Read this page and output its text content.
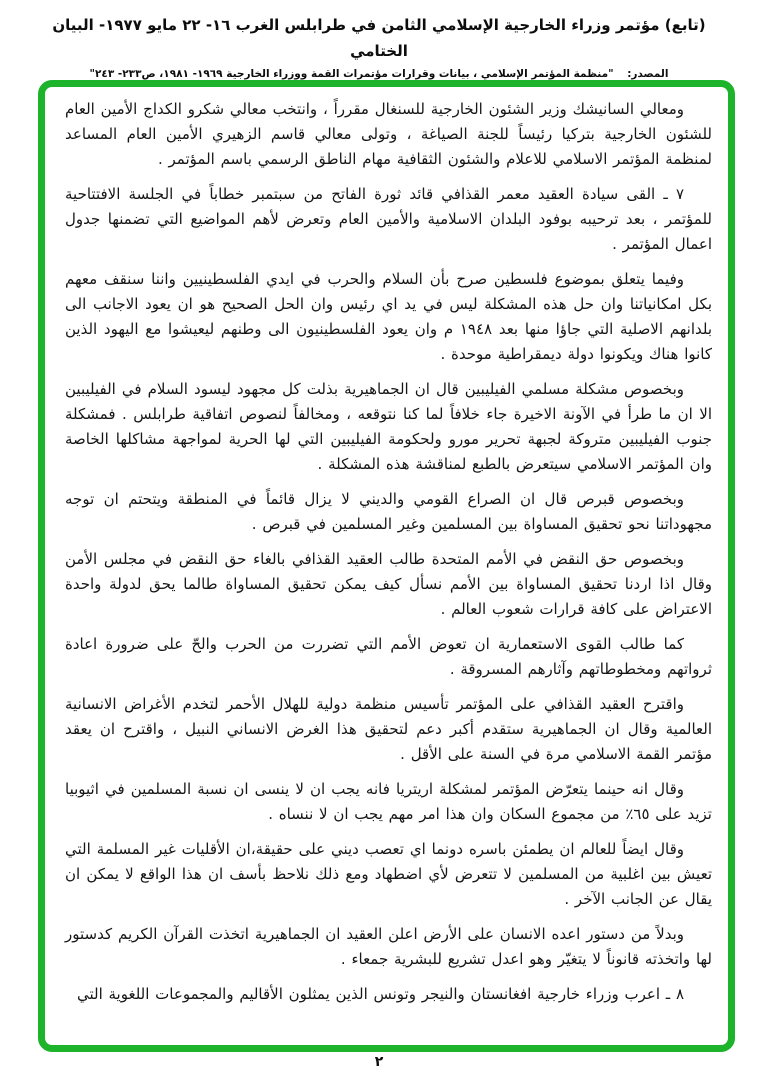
(تابع) مؤتمر وزراء الخارجية الإسلامي الثامن في طرابلس الغرب ١٦- ٢٢ مايو ١٩٧٧- البيان الختامي
المصدر: "منظمة المؤتمر الإسلامي ، بيانات وقرارات مؤتمرات القمة ووزراء الخارجية ١٩٦٩- ١٩٨١، ص٢٣٣- ٢٤٣"

ومعالي السانيشك وزير الشئون الخارجية للسنغال مقرراً ، وانتخب معالي شكرو الكداج الأمين العام للشئون الخارجية بتركيا رئيساً للجنة الصياغة ، وتولى معالي قاسم الزهيري الأمين العام المساعد لمنظمة المؤتمر الاسلامي للاعلام والشئون الثقافية مهام الناطق الرسمي باسم المؤتمر .

٧ ـ القى سيادة العقيد معمر القذافي قائد ثورة الفاتح من سبتمبر خطاباً في الجلسة الافتتاحية للمؤتمر ، بعد ترحيبه بوفود البلدان الاسلامية والأمين العام وتعرض لأهم المواضيع التي تضمنها جدول اعمال المؤتمر .

وفيما يتعلق بموضوع فلسطين صرح بأن السلام والحرب في ايدي الفلسطينيين واننا سنقف معهم بكل امكانياتنا وان حل هذه المشكلة ليس في يد اي رئيس وان الحل الصحيح هو ان يعود الاجانب الى بلدانهم الاصلية التي جاؤا منها بعد ١٩٤٨ م وان يعود الفلسطينيون الى وطنهم ليعيشوا مع اليهود الذين كانوا هناك ويكونوا دولة ديمقراطية موحدة .

وبخصوص مشكلة مسلمي الفيليبين قال ان الجماهيرية بذلت كل مجهود ليسود السلام في الفيليبين الا ان ما طرأ في الآونة الاخيرة جاء خلافاً لما كنا نتوقعه ، ومخالفاً لنصوص اتفاقية طرابلس . فمشكلة جنوب الفيليبين متروكة لجبهة تحرير مورو ولحكومة الفيليبين التي لها الحرية لمواجهة مشاكلها الخاصة وان المؤتمر الاسلامي سيتعرض بالطبع لمناقشة هذه المشكلة .

وبخصوص قبرص قال ان الصراع القومي والديني لا يزال قائماً في المنطقة ويتحتم ان توجه مجهوداتنا نحو تحقيق المساواة بين المسلمين وغير المسلمين في قبرص .

وبخصوص حق النقض في الأمم المتحدة طالب العقيد القذافي بالغاء حق النقض في مجلس الأمن وقال اذا اردنا تحقيق المساواة بين الأمم نسأل كيف يمكن تحقيق المساواة طالما يحق لدولة واحدة الاعتراض على كافة قرارات شعوب العالم .

كما طالب القوى الاستعمارية ان تعوض الأمم التي تضررت من الحرب والحّ على ضرورة اعادة ثرواتهم ومخطوطاتهم وآثارهم المسروقة .

واقترح العقيد القذافي على المؤتمر تأسيس منظمة دولية للهلال الأحمر لتخدم الأغراض الانسانية العالمية وقال ان الجماهيرية ستقدم أكبر دعم لتحقيق هذا الغرض الانساني النبيل ، واقترح ان يعقد مؤتمر القمة الاسلامي مرة في السنة على الأقل .

وقال انه حينما يتعرّض المؤتمر لمشكلة اريتريا فانه يجب ان لا ينسى ان نسبة المسلمين في اثيوبيا تزيد على ٦٥٪ من مجموع السكان وان هذا امر مهم يجب ان لا ننساه .

وقال ايضاً للعالم ان يطمئن باسره دونما اي تعصب ديني على حقيقة،ان الأقليات غير المسلمة التي تعيش بين اغلبية من المسلمين لا تتعرض لأي اضطهاد ومع ذلك نلاحظ بأسف ان هذا الواقع لا يمكن ان يقال عن الجانب الآخر .

وبدلاً من دستور اعده الانسان على الأرض اعلن العقيد ان الجماهيرية اتخذت القرآن الكريم كدستور لها واتخذته قانوناً لا يتغيّر وهو اعدل تشريع للبشرية جمعاء .

٨ ـ اعرب وزراء خارجية افغانستان والنيجر وتونس الذين يمثلون الأقاليم والمجموعات اللغوية التي

٢
